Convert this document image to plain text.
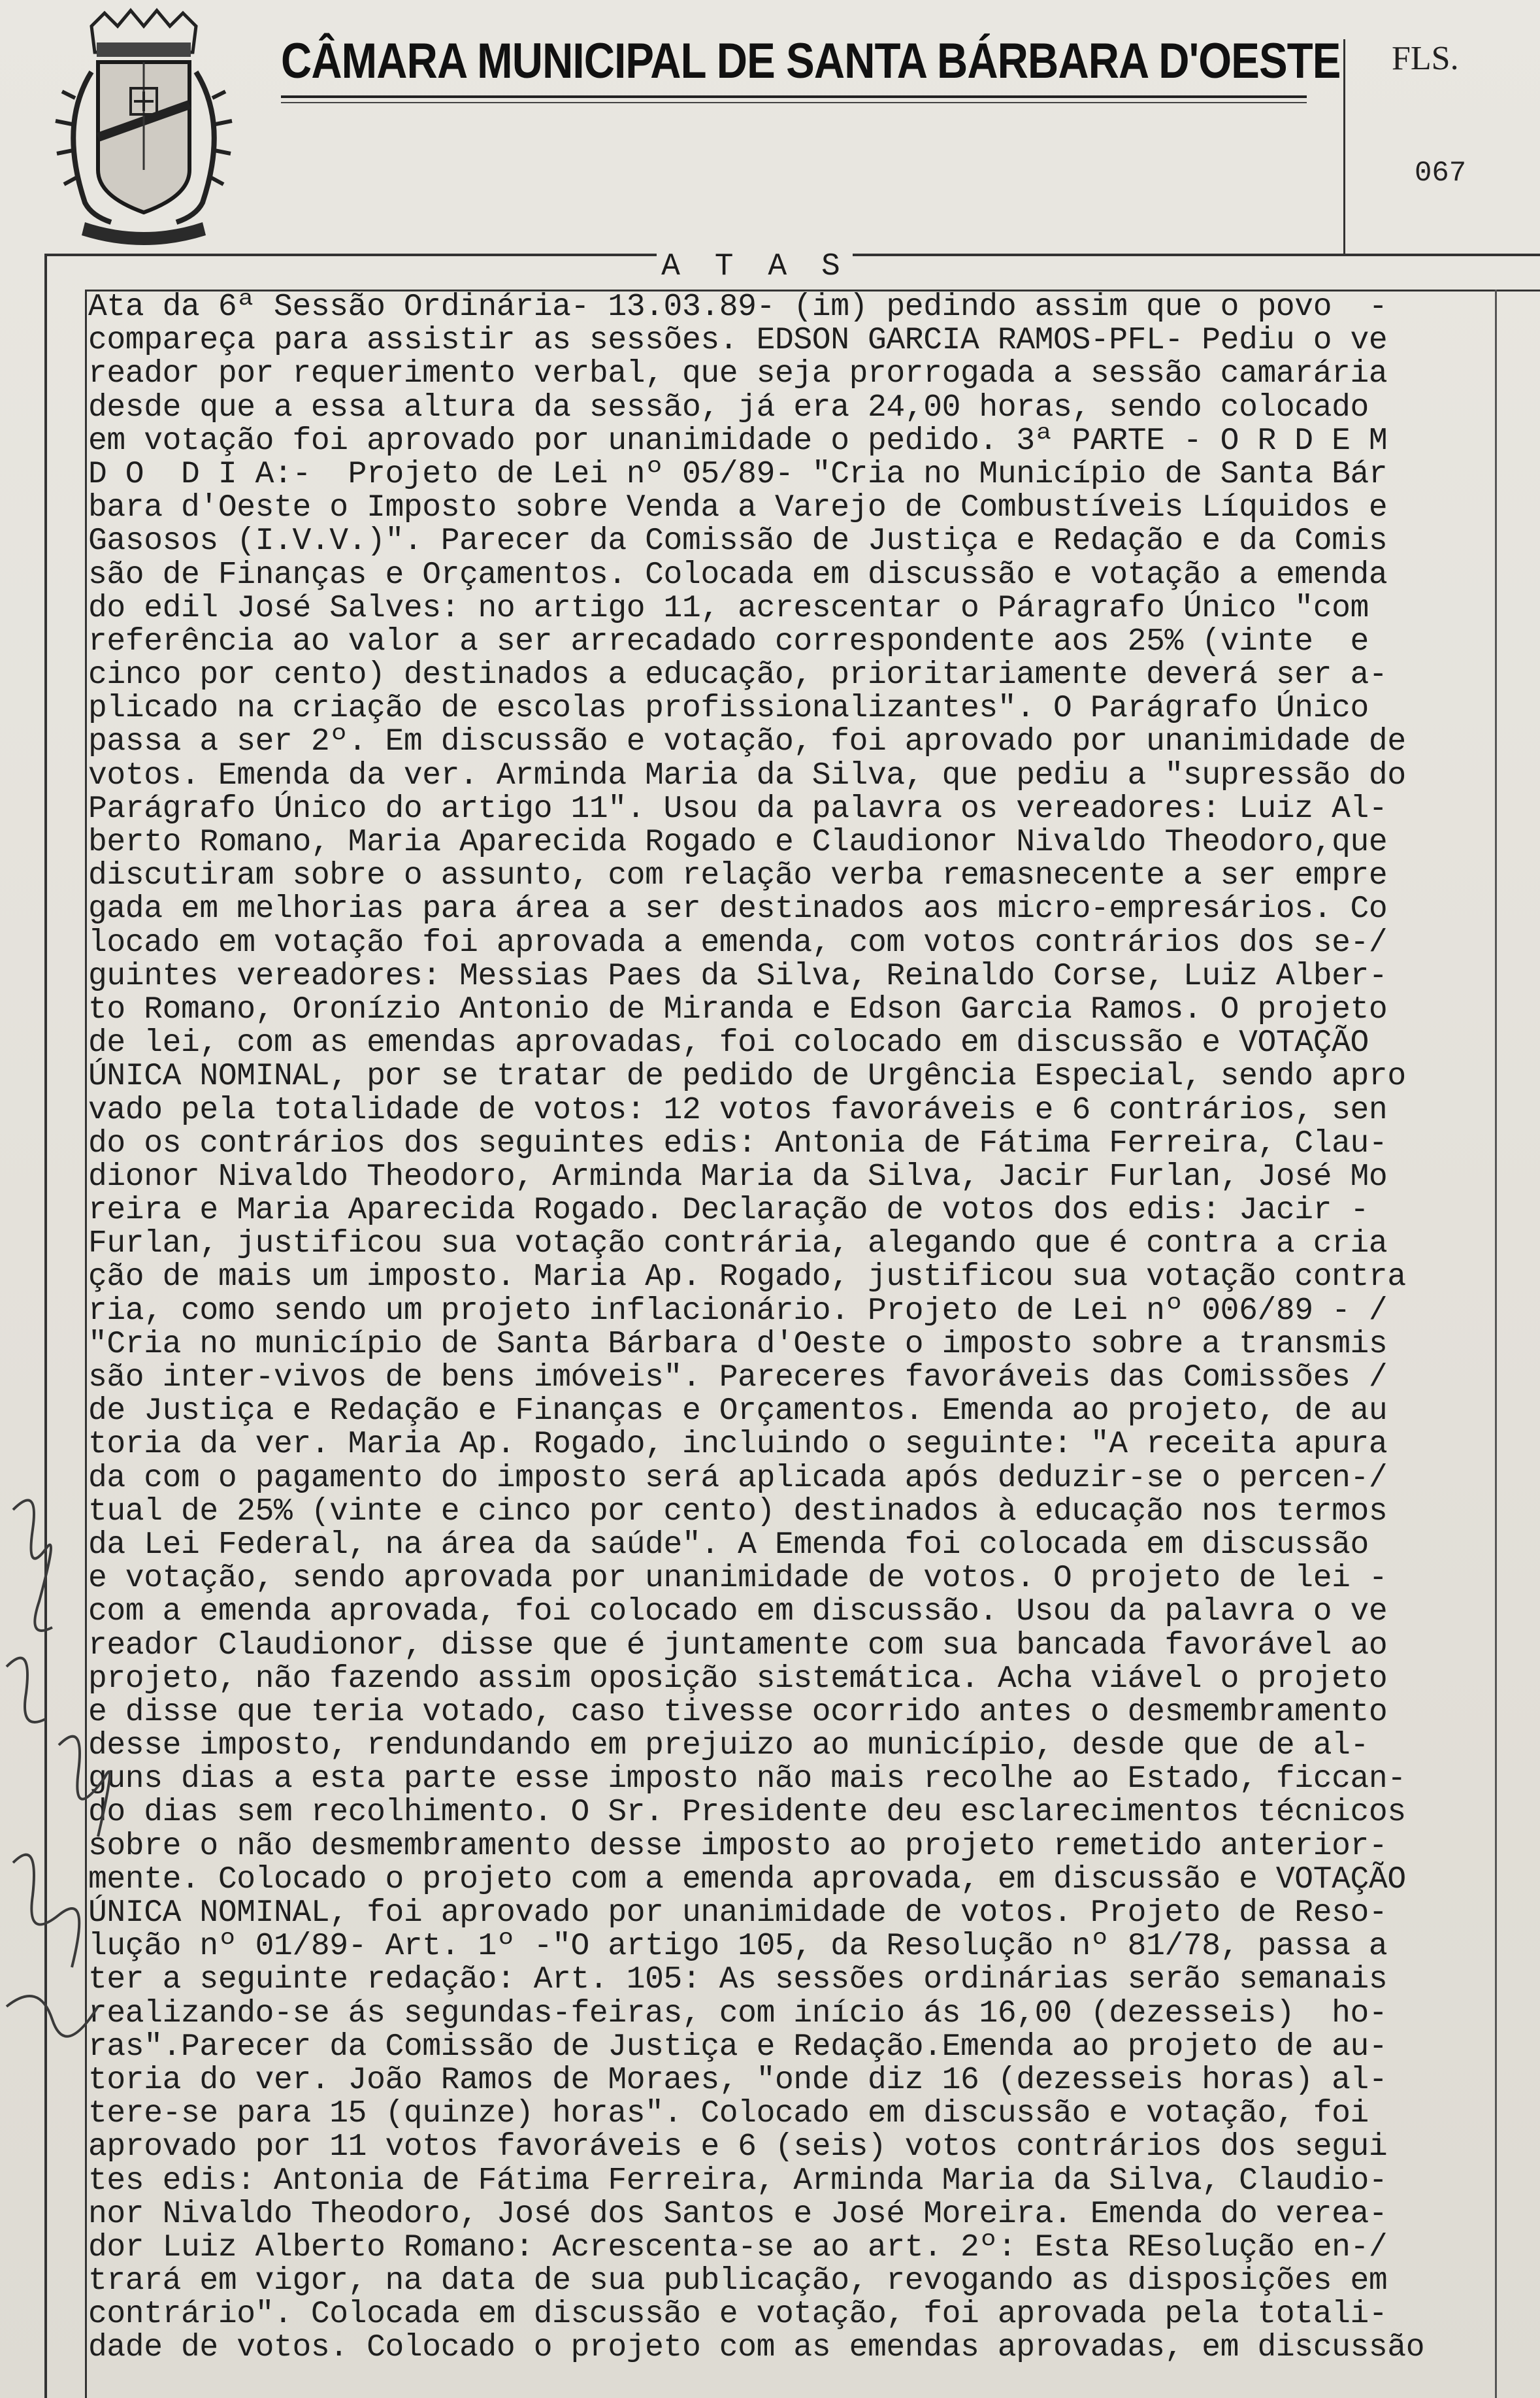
CÂMARA MUNICIPAL DE SANTA BÁRBARA D'OESTE FLS.
067
A T A S
Ata da 6ª Sessão Ordinária- 13.03.89- (im) pedindo assim que o povo  -
compareça para assistir as sessões. EDSON GARCIA RAMOS-PFL- Pediu o ve
reador por requerimento verbal, que seja prorrogada a sessão camarária
desde que a essa altura da sessão, já era 24,00 horas, sendo colocado
em votação foi aprovado por unanimidade o pedido. 3ª PARTE - O R D E M
D O  D I A:-  Projeto de Lei nº 05/89- "Cria no Município de Santa Bár
bara d'Oeste o Imposto sobre Venda a Varejo de Combustíveis Líquidos e
Gasosos (I.V.V.)". Parecer da Comissão de Justiça e Redação e da Comis
são de Finanças e Orçamentos. Colocada em discussão e votação a emenda
do edil José Salves: no artigo 11, acrescentar o Páragrafo Único "com
referência ao valor a ser arrecadado correspondente aos 25% (vinte  e
cinco por cento) destinados a educação, prioritariamente deverá ser a-
plicado na criação de escolas profissionalizantes". O Parágrafo Único
passa a ser 2º. Em discussão e votação, foi aprovado por unanimidade de
votos. Emenda da ver. Arminda Maria da Silva, que pediu a "supressão do
Parágrafo Único do artigo 11". Usou da palavra os vereadores: Luiz Al-
berto Romano, Maria Aparecida Rogado e Claudionor Nivaldo Theodoro,que
discutiram sobre o assunto, com relação verba remasnecente a ser empre
gada em melhorias para área a ser destinados aos micro-empresários. Co
locado em votação foi aprovada a emenda, com votos contrários dos se-/
guintes vereadores: Messias Paes da Silva, Reinaldo Corse, Luiz Alber-
to Romano, Oronízio Antonio de Miranda e Edson Garcia Ramos. O projeto
de lei, com as emendas aprovadas, foi colocado em discussão e VOTAÇÃO
ÚNICA NOMINAL, por se tratar de pedido de Urgência Especial, sendo apro
vado pela totalidade de votos: 12 votos favoráveis e 6 contrários, sen
do os contrários dos seguintes edis: Antonia de Fátima Ferreira, Clau-
dionor Nivaldo Theodoro, Arminda Maria da Silva, Jacir Furlan, José Mo
reira e Maria Aparecida Rogado. Declaração de votos dos edis: Jacir -
Furlan, justificou sua votação contrária, alegando que é contra a cria
ção de mais um imposto. Maria Ap. Rogado, justificou sua votação contra
ria, como sendo um projeto inflacionário. Projeto de Lei nº 006/89 - /
"Cria no município de Santa Bárbara d'Oeste o imposto sobre a transmis
são inter-vivos de bens imóveis". Pareceres favoráveis das Comissões /
de Justiça e Redação e Finanças e Orçamentos. Emenda ao projeto, de au
toria da ver. Maria Ap. Rogado, incluindo o seguinte: "A receita apura
da com o pagamento do imposto será aplicada após deduzir-se o percen-/
tual de 25% (vinte e cinco por cento) destinados à educação nos termos
da Lei Federal, na área da saúde". A Emenda foi colocada em discussão
e votação, sendo aprovada por unanimidade de votos. O projeto de lei -
com a emenda aprovada, foi colocado em discussão. Usou da palavra o ve
reador Claudionor, disse que é juntamente com sua bancada favorável ao
projeto, não fazendo assim oposição sistemática. Acha viável o projeto
e disse que teria votado, caso tivesse ocorrido antes o desmembramento
desse imposto, rendundando em prejuizo ao município, desde que de al-
guns dias a esta parte esse imposto não mais recolhe ao Estado, ficcan-
do dias sem recolhimento. O Sr. Presidente deu esclarecimentos técnicos
sobre o não desmembramento desse imposto ao projeto remetido anterior-
mente. Colocado o projeto com a emenda aprovada, em discussão e VOTAÇÃO
ÚNICA NOMINAL, foi aprovado por unanimidade de votos. Projeto de Reso-
lução nº 01/89- Art. 1º -"O artigo 105, da Resolução nº 81/78, passa a
ter a seguinte redação: Art. 105: As sessões ordinárias serão semanais
realizando-se ás segundas-feiras, com início ás 16,00 (dezesseis)  ho-
ras".Parecer da Comissão de Justiça e Redação.Emenda ao projeto de au-
toria do ver. João Ramos de Moraes, "onde diz 16 (dezesseis horas) al-
tere-se para 15 (quinze) horas". Colocado em discussão e votação, foi
aprovado por 11 votos favoráveis e 6 (seis) votos contrários dos segui
tes edis: Antonia de Fátima Ferreira, Arminda Maria da Silva, Claudio-
nor Nivaldo Theodoro, José dos Santos e José Moreira. Emenda do verea-
dor Luiz Alberto Romano: Acrescenta-se ao art. 2º: Esta REsolução en-/
trará em vigor, na data de sua publicação, revogando as disposições em
contrário". Colocada em discussão e votação, foi aprovada pela totali-
dade de votos. Colocado o projeto com as emendas aprovadas, em discussão
